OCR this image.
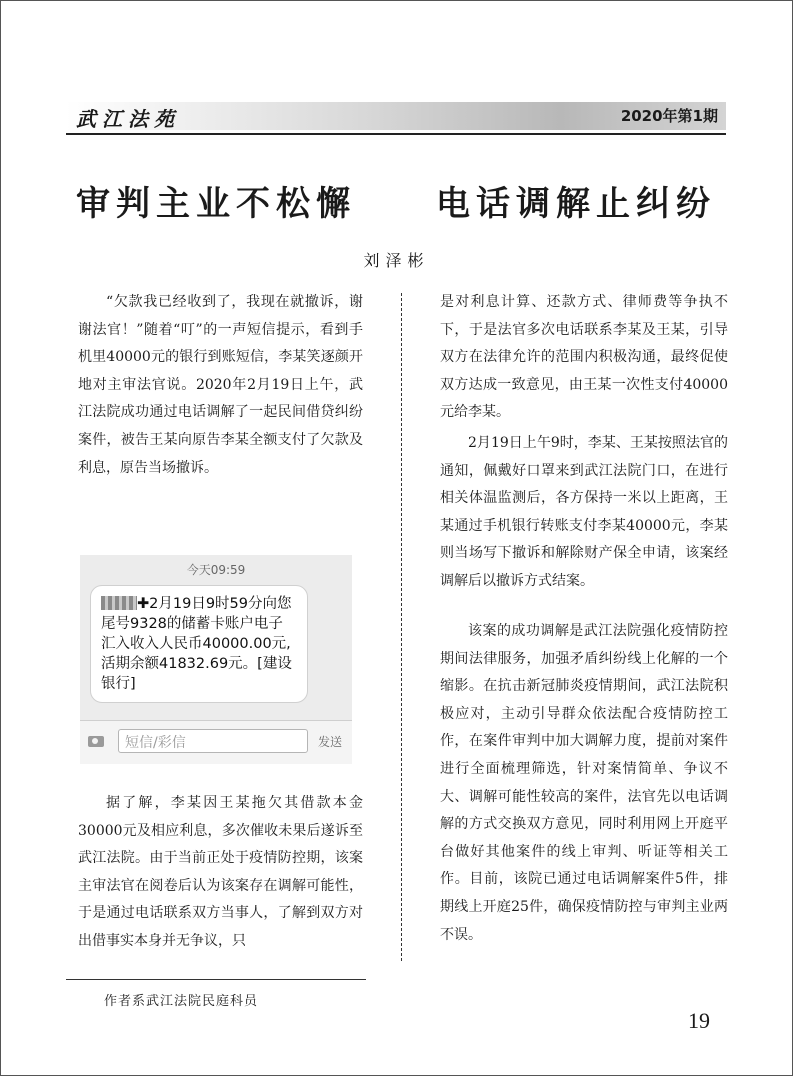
武江法苑	2020年第1期
审判主业不松懈　　电话调解止纠纷
刘泽彬

“欠款我已经收到了，我现在就撤诉，谢谢法官！”随着“叮”的一声短信提示，看到手机里40000元的银行到账短信，李某笑逐颜开地对主审法官说。2020年2月19日上午，武江法院成功通过电话调解了一起民间借贷纠纷案件，被告王某向原告李某全额支付了欠款及利息，原告当场撤诉。

今天09:59
✚2月19日9时59分向您尾号9328的储蓄卡账户电子汇入收入人民币40000.00元,活期余额41832.69元。[建设银行]
短信/彩信	发送

据了解，李某因王某拖欠其借款本金30000元及相应利息，多次催收未果后遂诉至武江法院。由于当前正处于疫情防控期，该案主审法官在阅卷后认为该案存在调解可能性，于是通过电话联系双方当事人，了解到双方对出借事实本身并无争议，只

是对利息计算、还款方式、律师费等争执不下，于是法官多次电话联系李某及王某，引导双方在法律允许的范围内积极沟通，最终促使双方达成一致意见，由王某一次性支付40000元给李某。

2月19日上午9时，李某、王某按照法官的通知，佩戴好口罩来到武江法院门口，在进行相关体温监测后，各方保持一米以上距离，王某通过手机银行转账支付李某40000元，李某则当场写下撤诉和解除财产保全申请，该案经调解后以撤诉方式结案。

该案的成功调解是武江法院强化疫情防控期间法律服务，加强矛盾纠纷线上化解的一个缩影。在抗击新冠肺炎疫情期间，武江法院积极应对，主动引导群众依法配合疫情防控工作，在案件审判中加大调解力度，提前对案件进行全面梳理筛选，针对案情简单、争议不大、调解可能性较高的案件，法官先以电话调解的方式交换双方意见，同时利用网上开庭平台做好其他案件的线上审判、听证等相关工作。目前，该院已通过电话调解案件5件，排期线上开庭25件，确保疫情防控与审判主业两不误。

作者系武江法院民庭科员
19
